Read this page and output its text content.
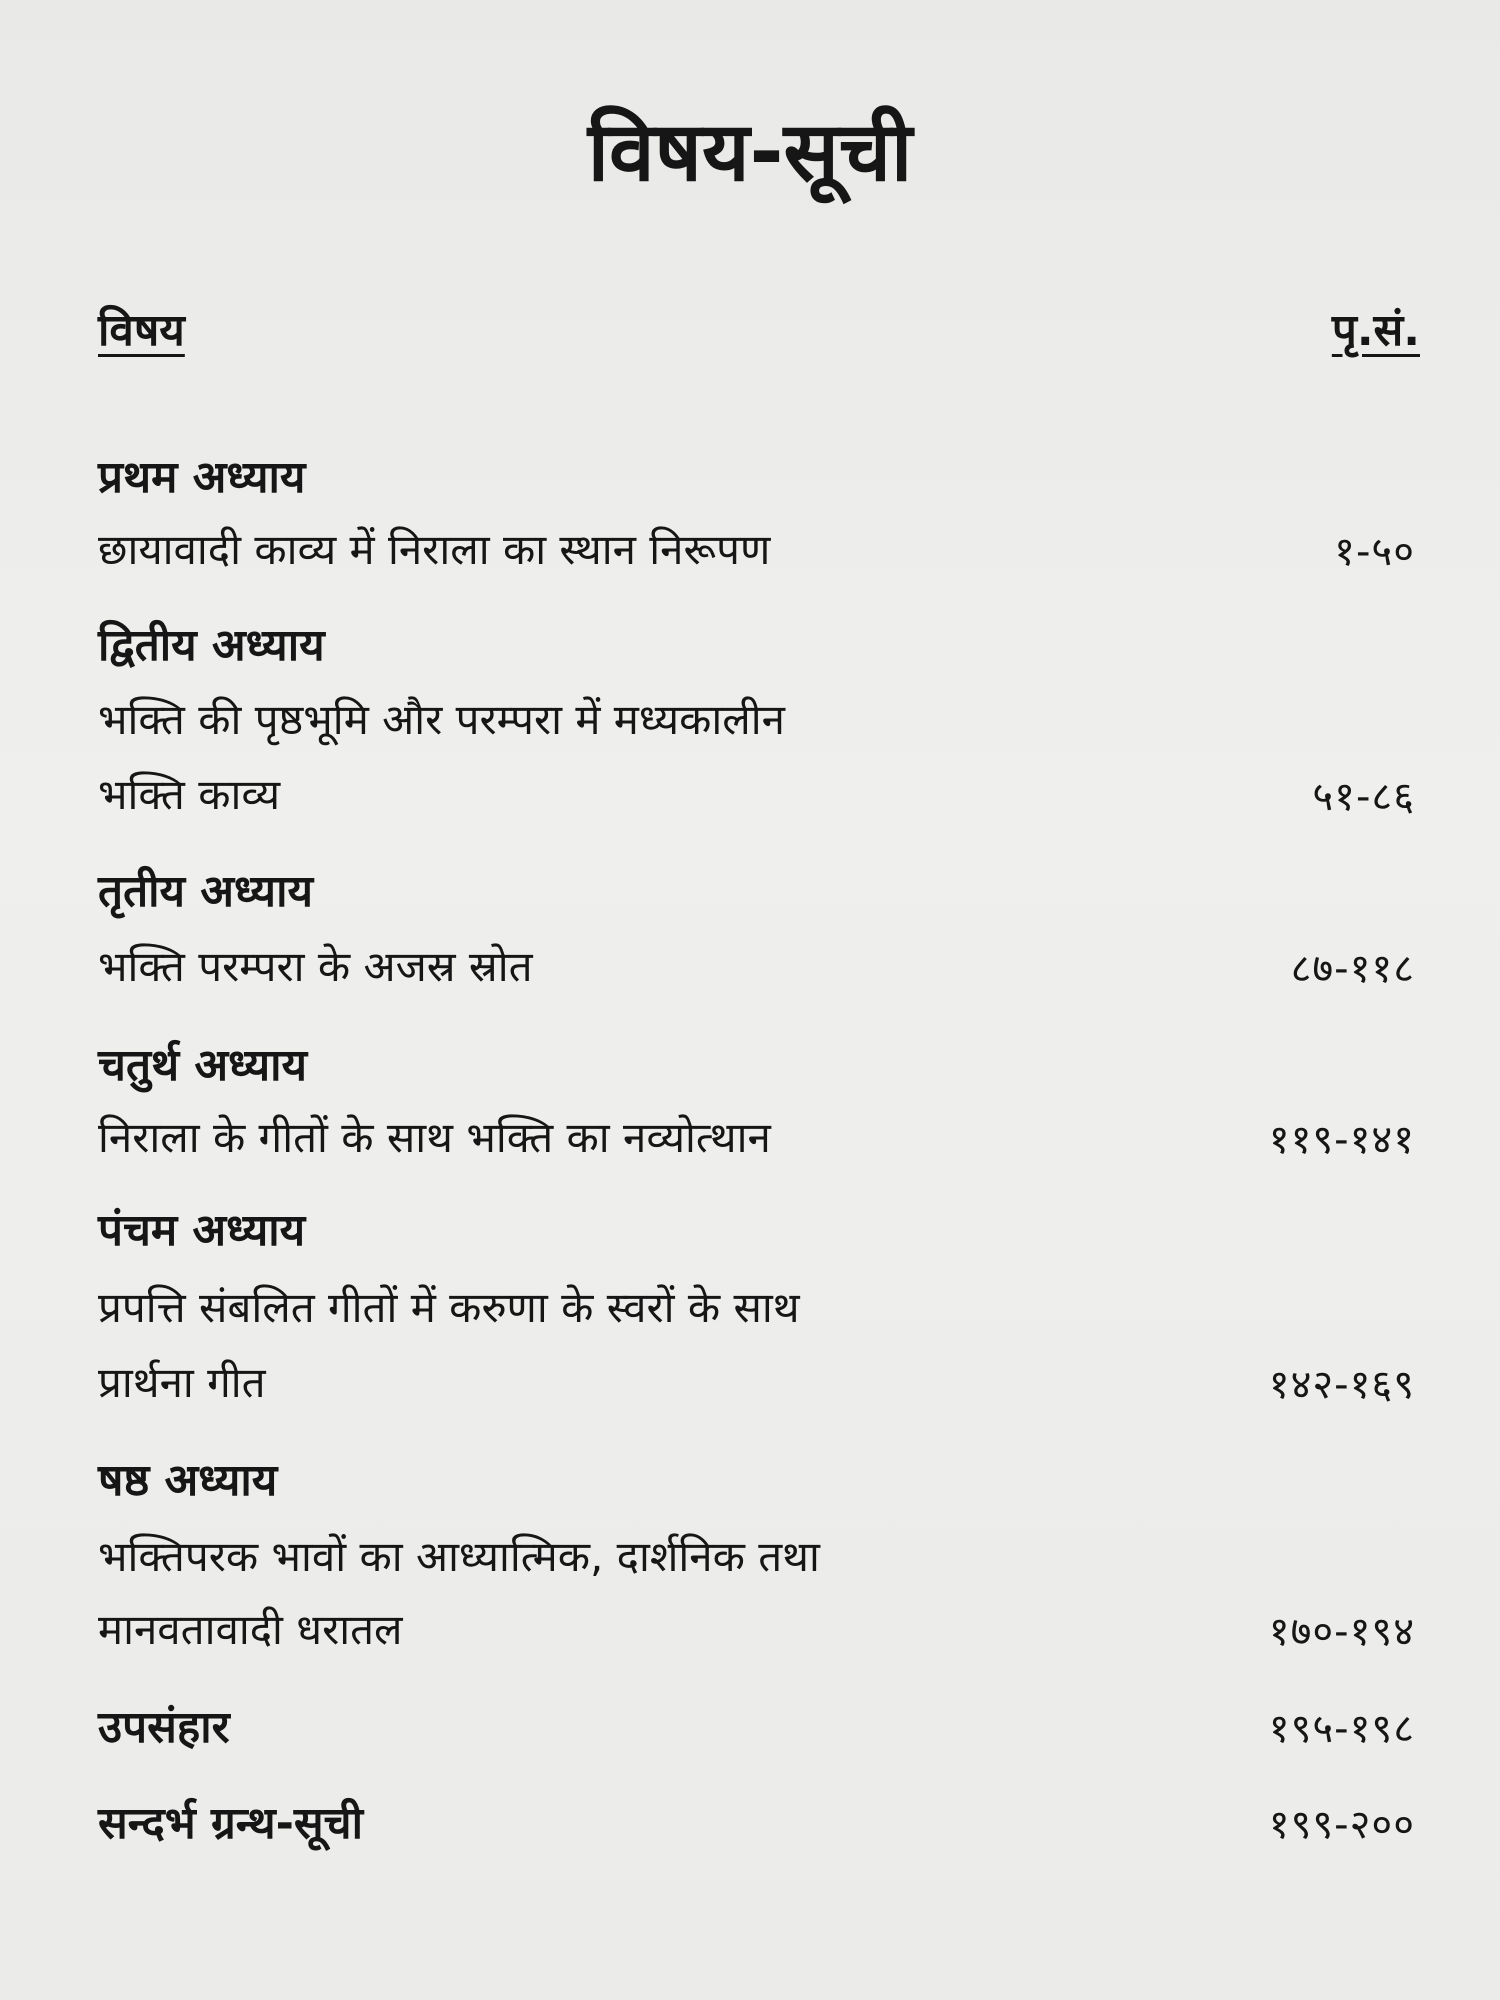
विषय-सूची
विषय	पृ.सं.
प्रथम अध्याय
छायावादी काव्य में निराला का स्थान निरूपण	१-५०
द्वितीय अध्याय
भक्ति की पृष्ठभूमि और परम्परा में मध्यकालीन
भक्ति काव्य	५१-८६
तृतीय अध्याय
भक्ति परम्परा के अजस्र स्रोत	८७-११८
चतुर्थ अध्याय
निराला के गीतों के साथ भक्ति का नव्योत्थान	११९-१४१
पंचम अध्याय
प्रपत्ति संबलित गीतों में करुणा के स्वरों के साथ
प्रार्थना गीत	१४२-१६९
षष्ठ अध्याय
भक्तिपरक भावों का आध्यात्मिक, दार्शनिक तथा
मानवतावादी धरातल	१७०-१९४
उपसंहार	१९५-१९८
सन्दर्भ ग्रन्थ-सूची	१९९-२००
